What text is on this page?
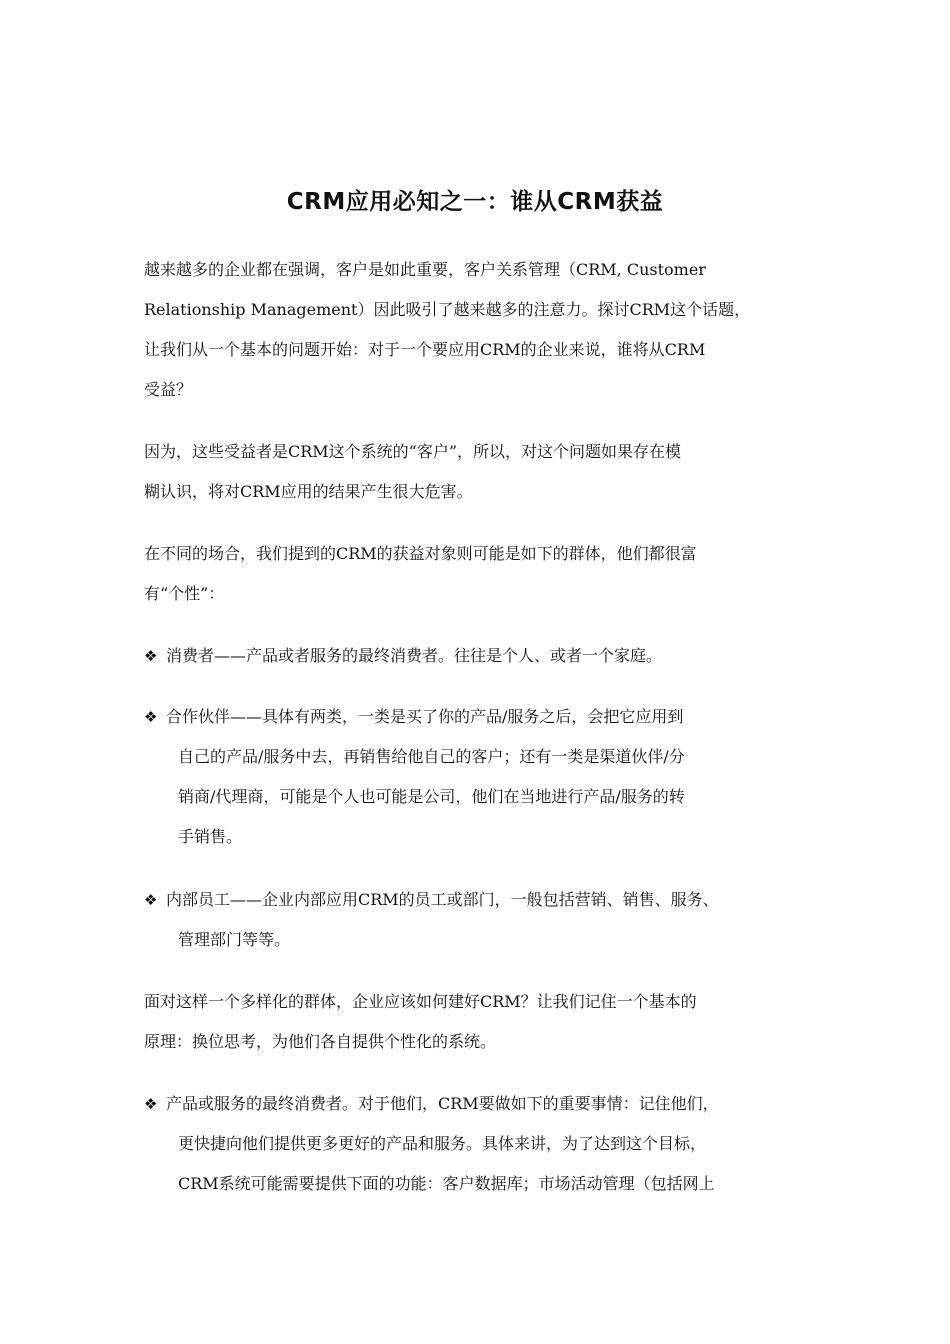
CRM应用必知之一：谁从CRM获益
越来越多的企业都在强调，客户是如此重要，客户关系管理（CRM, Customer
Relationship Management）因此吸引了越来越多的注意力。探讨CRM这个话题，
让我们从一个基本的问题开始：对于一个要应用CRM的企业来说，谁将从CRM
受益？
因为，这些受益者是CRM这个系统的“客户”，所以，对这个问题如果存在模
糊认识，将对CRM应用的结果产生很大危害。
在不同的场合，我们提到的CRM的获益对象则可能是如下的群体，他们都很富
有“个性”：
❖ 消费者——产品或者服务的最终消费者。往往是个人、或者一个家庭。
❖ 合作伙伴——具体有两类，一类是买了你的产品/服务之后，会把它应用到
自己的产品/服务中去，再销售给他自己的客户；还有一类是渠道伙伴/分
销商/代理商，可能是个人也可能是公司，他们在当地进行产品/服务的转
手销售。
❖ 内部员工——企业内部应用CRM的员工或部门，一般包括营销、销售、服务、
管理部门等等。
面对这样一个多样化的群体，企业应该如何建好CRM？让我们记住一个基本的
原理：换位思考，为他们各自提供个性化的系统。
❖ 产品或服务的最终消费者。对于他们，CRM要做如下的重要事情：记住他们，
更快捷向他们提供更多更好的产品和服务。具体来讲，为了达到这个目标，
CRM系统可能需要提供下面的功能：客户数据库；市场活动管理（包括网上
